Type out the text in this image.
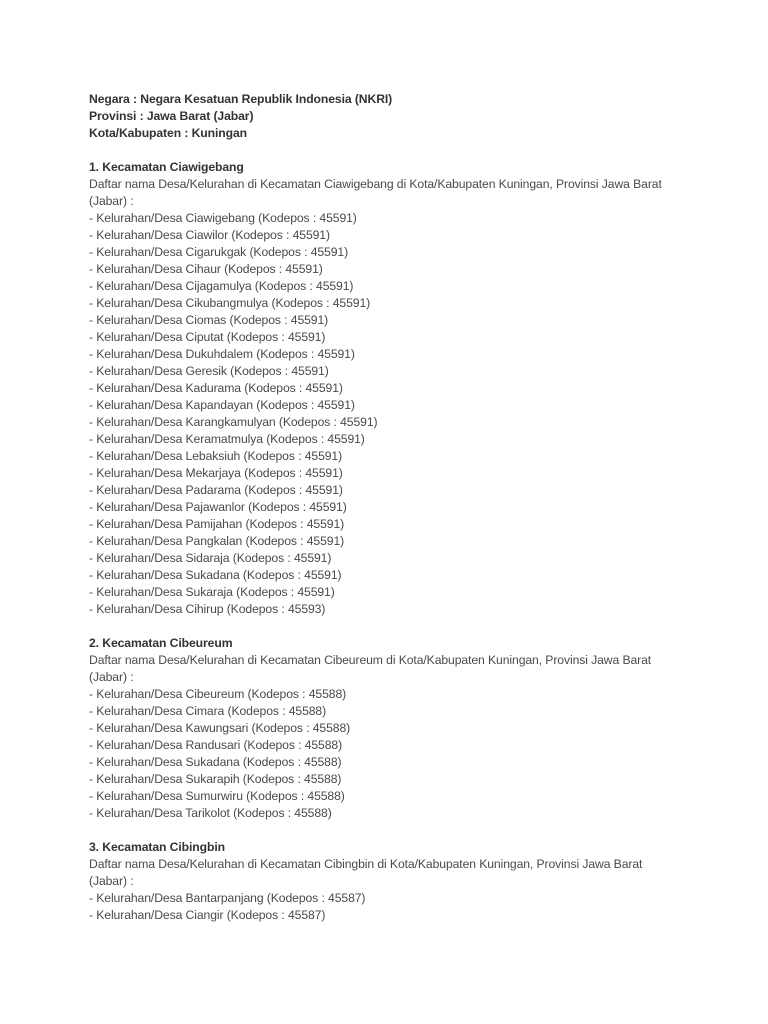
Negara : Negara Kesatuan Republik Indonesia (NKRI)
Provinsi : Jawa Barat (Jabar)
Kota/Kabupaten : Kuningan
1. Kecamatan Ciawigebang
Daftar nama Desa/Kelurahan di Kecamatan Ciawigebang di Kota/Kabupaten Kuningan, Provinsi Jawa Barat (Jabar) :
- Kelurahan/Desa Ciawigebang (Kodepos : 45591)
- Kelurahan/Desa Ciawilor (Kodepos : 45591)
- Kelurahan/Desa Cigarukgak (Kodepos : 45591)
- Kelurahan/Desa Cihaur (Kodepos : 45591)
- Kelurahan/Desa Cijagamulya (Kodepos : 45591)
- Kelurahan/Desa Cikubangmulya (Kodepos : 45591)
- Kelurahan/Desa Ciomas (Kodepos : 45591)
- Kelurahan/Desa Ciputat (Kodepos : 45591)
- Kelurahan/Desa Dukuhdalem (Kodepos : 45591)
- Kelurahan/Desa Geresik (Kodepos : 45591)
- Kelurahan/Desa Kadurama (Kodepos : 45591)
- Kelurahan/Desa Kapandayan (Kodepos : 45591)
- Kelurahan/Desa Karangkamulyan (Kodepos : 45591)
- Kelurahan/Desa Keramatmulya (Kodepos : 45591)
- Kelurahan/Desa Lebaksiuh (Kodepos : 45591)
- Kelurahan/Desa Mekarjaya (Kodepos : 45591)
- Kelurahan/Desa Padarama (Kodepos : 45591)
- Kelurahan/Desa Pajawanlor (Kodepos : 45591)
- Kelurahan/Desa Pamijahan (Kodepos : 45591)
- Kelurahan/Desa Pangkalan (Kodepos : 45591)
- Kelurahan/Desa Sidaraja (Kodepos : 45591)
- Kelurahan/Desa Sukadana (Kodepos : 45591)
- Kelurahan/Desa Sukaraja (Kodepos : 45591)
- Kelurahan/Desa Cihirup (Kodepos : 45593)
2. Kecamatan Cibeureum
Daftar nama Desa/Kelurahan di Kecamatan Cibeureum di Kota/Kabupaten Kuningan, Provinsi Jawa Barat (Jabar) :
- Kelurahan/Desa Cibeureum (Kodepos : 45588)
- Kelurahan/Desa Cimara (Kodepos : 45588)
- Kelurahan/Desa Kawungsari (Kodepos : 45588)
- Kelurahan/Desa Randusari (Kodepos : 45588)
- Kelurahan/Desa Sukadana (Kodepos : 45588)
- Kelurahan/Desa Sukarapih (Kodepos : 45588)
- Kelurahan/Desa Sumurwiru (Kodepos : 45588)
- Kelurahan/Desa Tarikolot (Kodepos : 45588)
3. Kecamatan Cibingbin
Daftar nama Desa/Kelurahan di Kecamatan Cibingbin di Kota/Kabupaten Kuningan, Provinsi Jawa Barat (Jabar) :
- Kelurahan/Desa Bantarpanjang (Kodepos : 45587)
- Kelurahan/Desa Ciangir (Kodepos : 45587)
